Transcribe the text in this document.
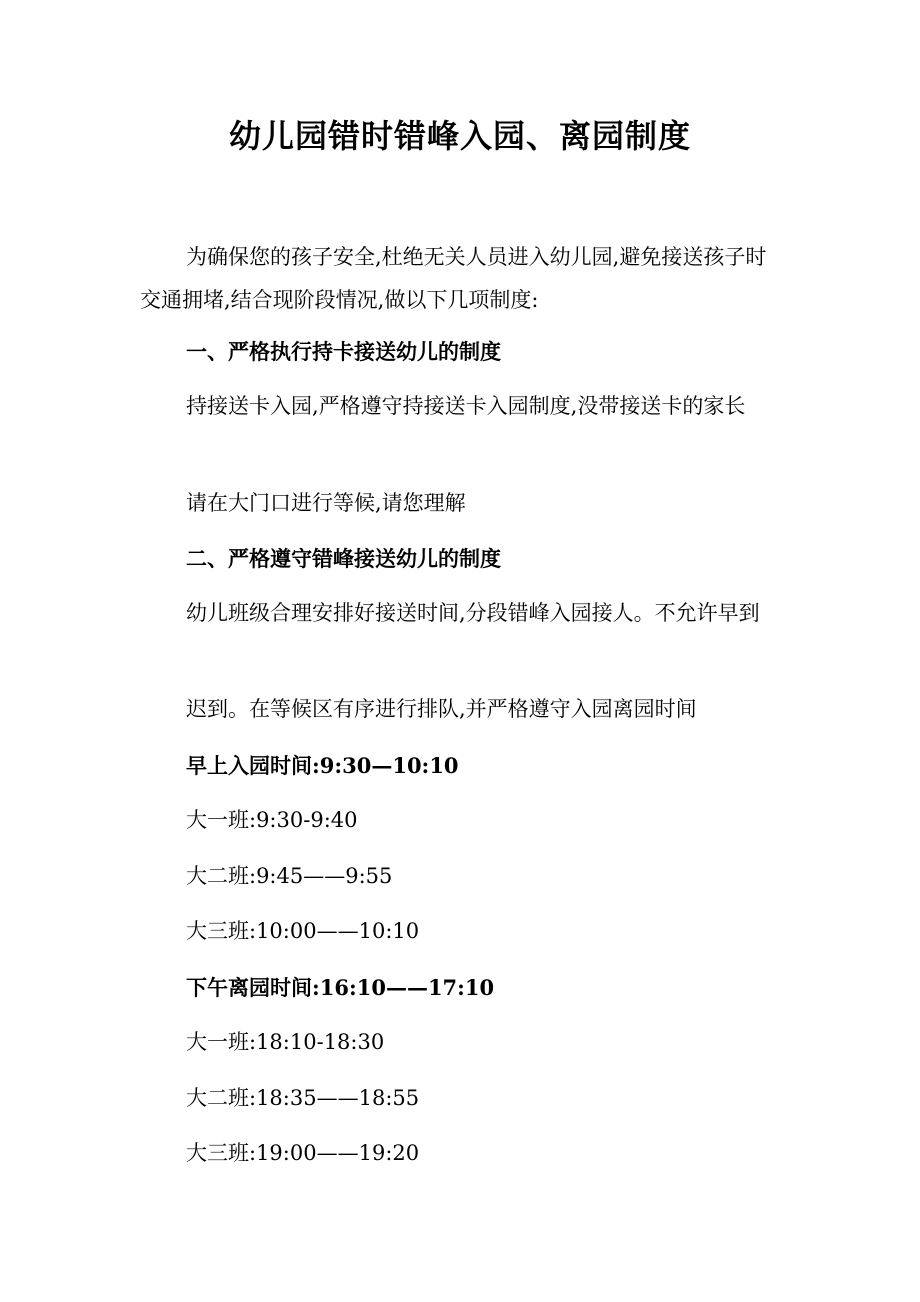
幼儿园错时错峰入园、离园制度
为确保您的孩子安全,杜绝无关人员进入幼儿园,避免接送孩子时交通拥堵,结合现阶段情况,做以下几项制度:
一、严格执行持卡接送幼儿的制度
持接送卡入园,严格遵守持接送卡入园制度,没带接送卡的家长
请在大门口进行等候,请您理解
二、严格遵守错峰接送幼儿的制度
幼儿班级合理安排好接送时间,分段错峰入园接人。不允许早到
迟到。在等候区有序进行排队,并严格遵守入园离园时间
早上入园时间:9:30—10:10
大一班:9:30-9:40
大二班:9:45——9:55
大三班:10:00——10:10
下午离园时间:16:10——17:10
大一班:18:10-18:30
大二班:18:35——18:55
大三班:19:00——19:20
